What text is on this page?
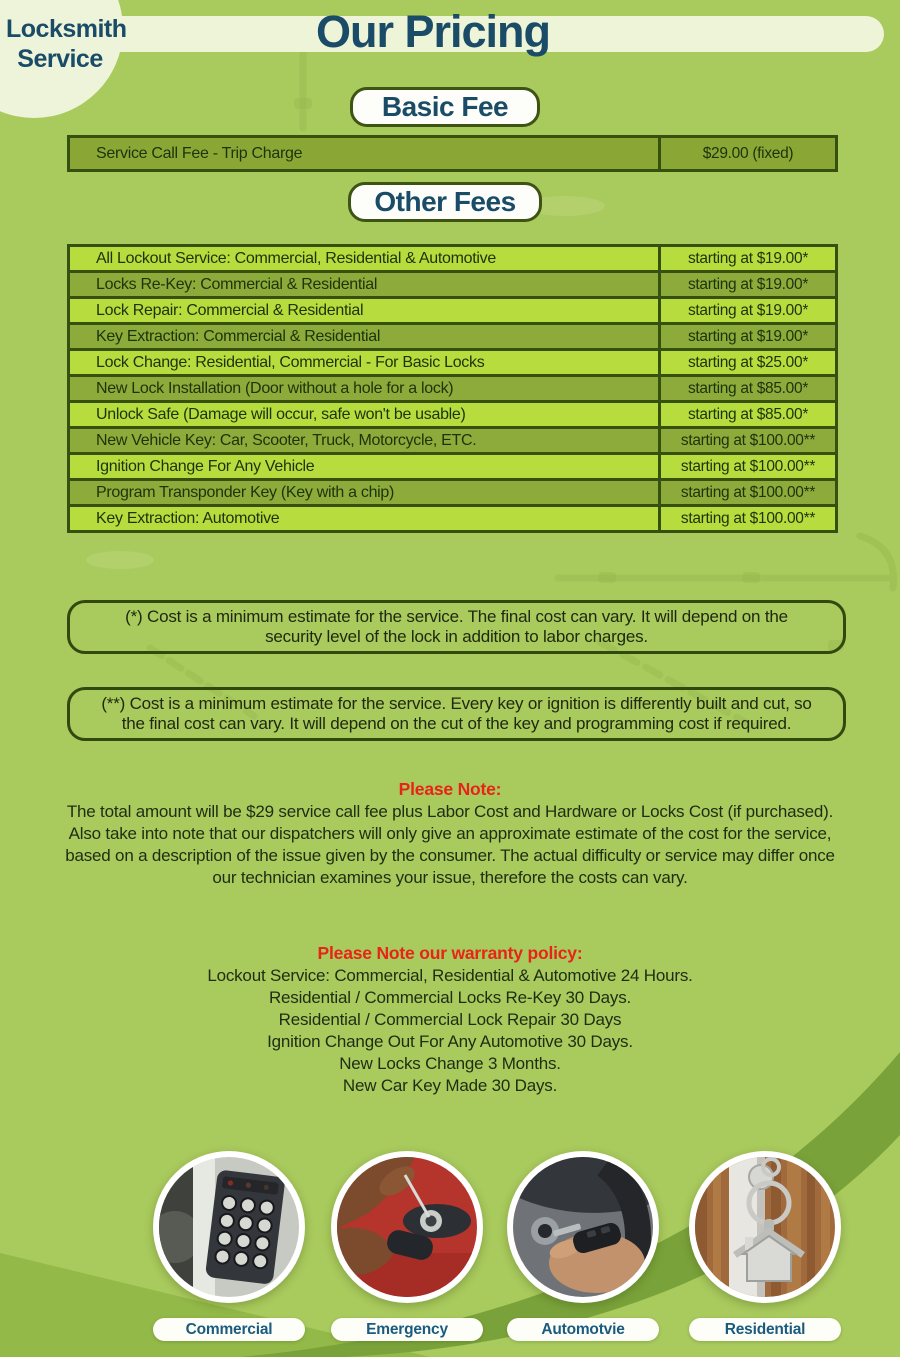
Locksmith
Service
Our Pricing
Basic Fee
Service Call Fee - Trip Charge	$29.00 (fixed)
Other Fees
All Lockout Service: Commercial, Residential & Automotive	starting at $19.00*
Locks Re-Key: Commercial & Residential	starting at $19.00*
Lock Repair: Commercial & Residential	starting at $19.00*
Key Extraction: Commercial & Residential	starting at $19.00*
Lock Change: Residential, Commercial - For Basic Locks	starting at $25.00*
New Lock Installation (Door without a hole for a lock)	starting at $85.00*
Unlock Safe (Damage will occur, safe won't be usable)	starting at $85.00*
New Vehicle Key: Car, Scooter, Truck, Motorcycle, ETC.	starting at $100.00**
Ignition Change For Any Vehicle	starting at $100.00**
Program Transponder Key (Key with a chip)	starting at $100.00**
Key Extraction: Automotive	starting at $100.00**
(*) Cost is a minimum estimate for the service. The final cost can vary. It will depend on the security level of the lock in addition to labor charges.
(**) Cost is a minimum estimate for the service. Every key or ignition is differently built and cut, so the final cost can vary. It will depend on the cut of the key and programming cost if required.
Please Note:
The total amount will be $29 service call fee plus Labor Cost and Hardware or Locks Cost (if purchased). Also take into note that our dispatchers will only give an approximate estimate of the cost for the service, based on a description of the issue given by the consumer. The actual difficulty or service may differ once our technician examines your issue, therefore the costs can vary.
Please Note our warranty policy:
Lockout Service: Commercial, Residential & Automotive 24 Hours.
Residential / Commercial Locks Re-Key 30 Days.
Residential / Commercial Lock Repair 30 Days
Ignition Change Out For Any Automotive 30 Days.
New Locks Change 3 Months.
New Car Key Made 30 Days.
Commercial	Emergency	Automotvie	Residential
